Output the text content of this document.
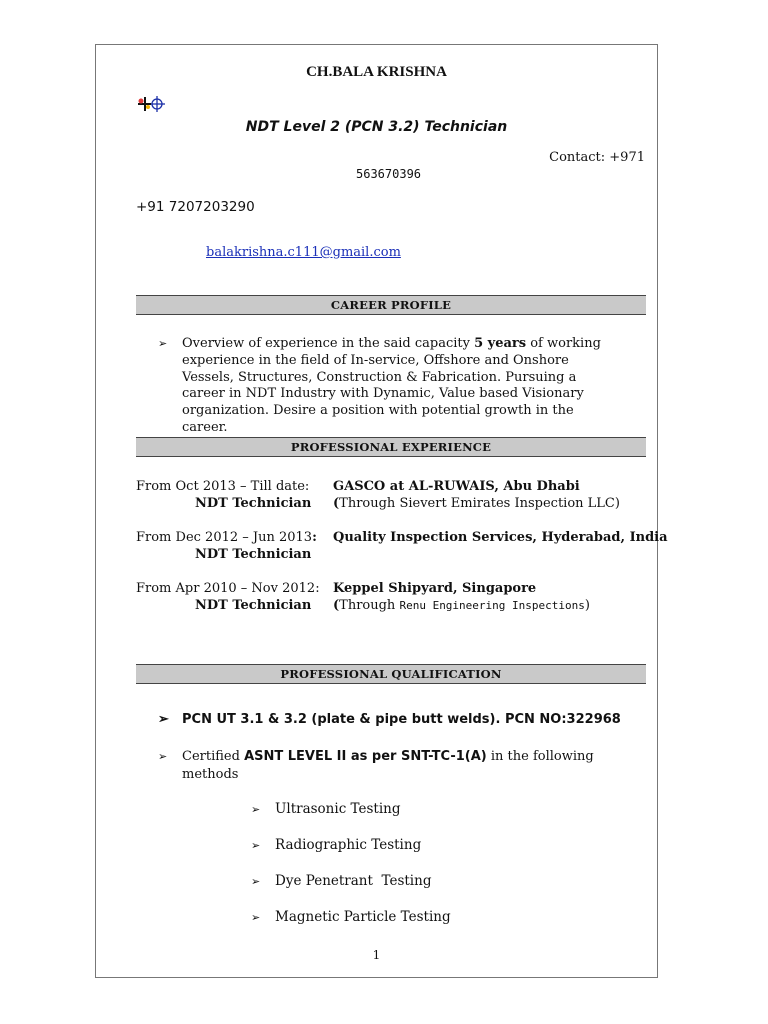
CH.BALA KRISHNA
NDT Level 2 (PCN 3.2) Technician
Contact: +971
563670396
+91 7207203290
balakrishna.c111@gmail.com
CAREER PROFILE
➢ Overview of experience in the said capacity 5 years of working experience in the field of In-service, Offshore and Onshore Vessels, Structures, Construction & Fabrication. Pursuing a career in NDT Industry with Dynamic, Value based Visionary organization. Desire a position with potential growth in the career.
PROFESSIONAL EXPERIENCE
From Oct 2013 – Till date:
NDT Technician
GASCO at AL-RUWAIS, Abu Dhabi
(Through Sievert Emirates Inspection LLC)
From Dec 2012 – Jun 2013:
NDT Technician
Quality Inspection Services, Hyderabad, India
From Apr 2010 – Nov 2012:
NDT Technician
Keppel Shipyard, Singapore
(Through Renu Engineering Inspections)
PROFESSIONAL QUALIFICATION
➢ PCN UT 3.1 & 3.2 (plate & pipe butt welds). PCN NO:322968
➢ Certified ASNT LEVEL II as per SNT-TC-1(A) in the following methods
➢ Ultrasonic Testing
➢ Radiographic Testing
➢ Dye Penetrant  Testing
➢ Magnetic Particle Testing
1
